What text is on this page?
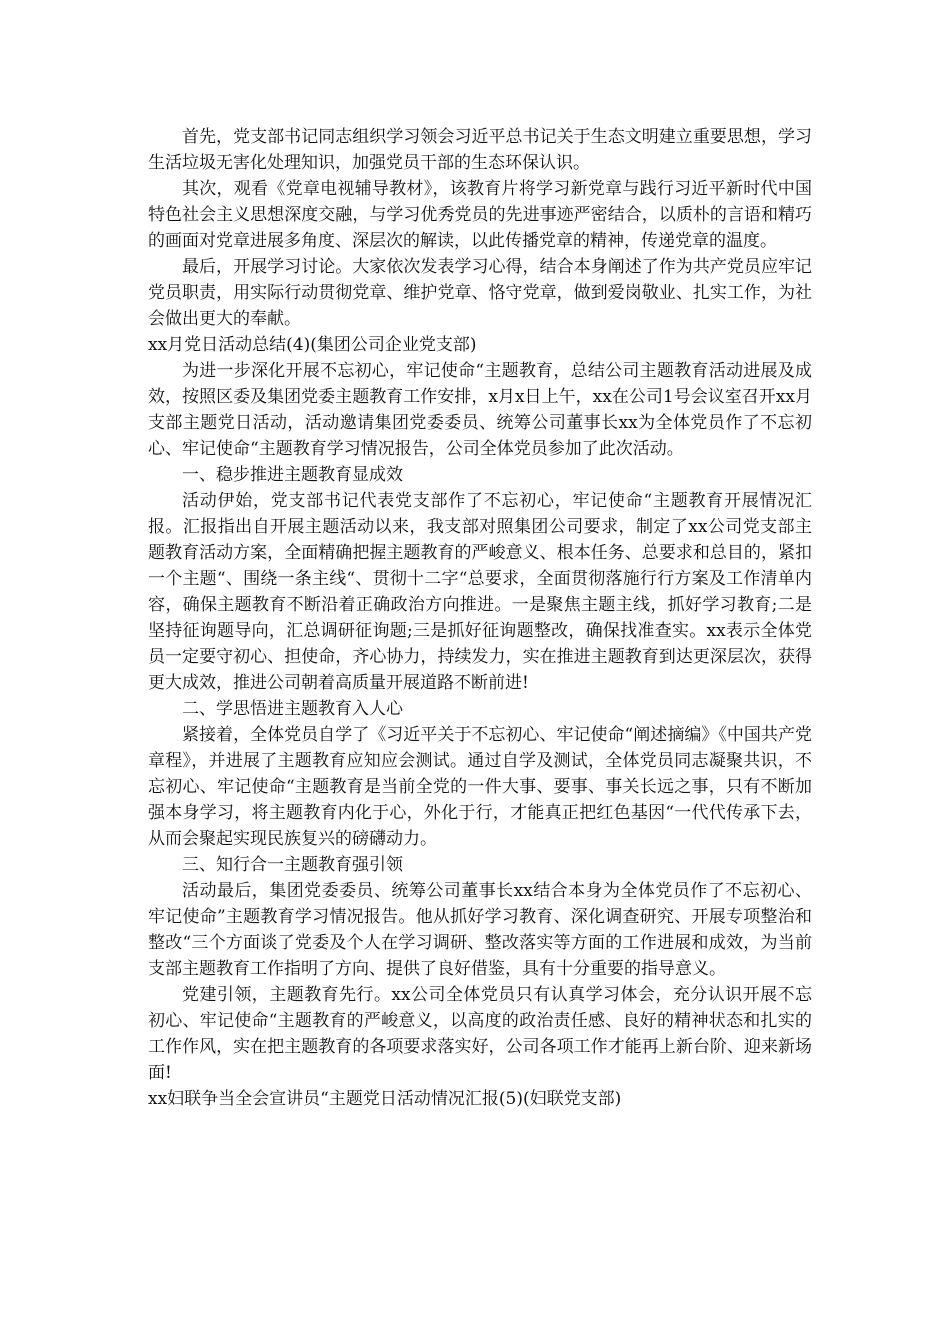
首先，党支部书记同志组织学习领会习近平总书记关于生态文明建立重要思想，学习生活垃圾无害化处理知识，加强党员干部的生态环保认识。

其次，观看《党章电视辅导教材》，该教育片将学习新党章与践行习近平新时代中国特色社会主义思想深度交融，与学习优秀党员的先进事迹严密结合，以质朴的言语和精巧的画面对党章进展多角度、深层次的解读，以此传播党章的精神，传递党章的温度。

最后，开展学习讨论。大家依次发表学习心得，结合本身阐述了作为共产党员应牢记党员职责，用实际行动贯彻党章、维护党章、恪守党章，做到爱岗敬业、扎实工作，为社会做出更大的奉献。

xx月党日活动总结(4)(集团公司企业党支部)

为进一步深化开展不忘初心，牢记使命“主题教育，总结公司主题教育活动进展及成效，按照区委及集团党委主题教育工作安排，x月x日上午，xx在公司1号会议室召开xx月支部主题党日活动，活动邀请集团党委委员、统筹公司董事长xx为全体党员作了不忘初心、牢记使命“主题教育学习情况报告，公司全体党员参加了此次活动。

一、稳步推进主题教育显成效

活动伊始，党支部书记代表党支部作了不忘初心，牢记使命“主题教育开展情况汇报。汇报指出自开展主题活动以来，我支部对照集团公司要求，制定了xx公司党支部主题教育活动方案，全面精确把握主题教育的严峻意义、根本任务、总要求和总目的，紧扣一个主题“、围绕一条主线“、贯彻十二字“总要求，全面贯彻落施行行方案及工作清单内容，确保主题教育不断沿着正确政治方向推进。一是聚焦主题主线，抓好学习教育;二是坚持征询题导向，汇总调研征询题;三是抓好征询题整改，确保找准查实。xx表示全体党员一定要守初心、担使命，齐心协力，持续发力，实在推进主题教育到达更深层次，获得更大成效，推进公司朝着高质量开展道路不断前进!

二、学思悟进主题教育入人心

紧接着，全体党员自学了《习近平关于不忘初心、牢记使命“阐述摘编》《中国共产党章程》，并进展了主题教育应知应会测试。通过自学及测试，全体党员同志凝聚共识，不忘初心、牢记使命“主题教育是当前全党的一件大事、要事、事关长远之事，只有不断加强本身学习，将主题教育内化于心，外化于行，才能真正把红色基因“一代代传承下去，从而会聚起实现民族复兴的磅礴动力。

三、知行合一主题教育强引领

活动最后，集团党委委员、统筹公司董事长xx结合本身为全体党员作了不忘初心、牢记使命”主题教育学习情况报告。他从抓好学习教育、深化调查研究、开展专项整治和整改“三个方面谈了党委及个人在学习调研、整改落实等方面的工作进展和成效，为当前支部主题教育工作指明了方向、提供了良好借鉴，具有十分重要的指导意义。

党建引领，主题教育先行。xx公司全体党员只有认真学习体会，充分认识开展不忘初心、牢记使命“主题教育的严峻意义，以高度的政治责任感、良好的精神状态和扎实的工作作风，实在把主题教育的各项要求落实好，公司各项工作才能再上新台阶、迎来新场面!

xx妇联争当全会宣讲员“主题党日活动情况汇报(5)(妇联党支部)
